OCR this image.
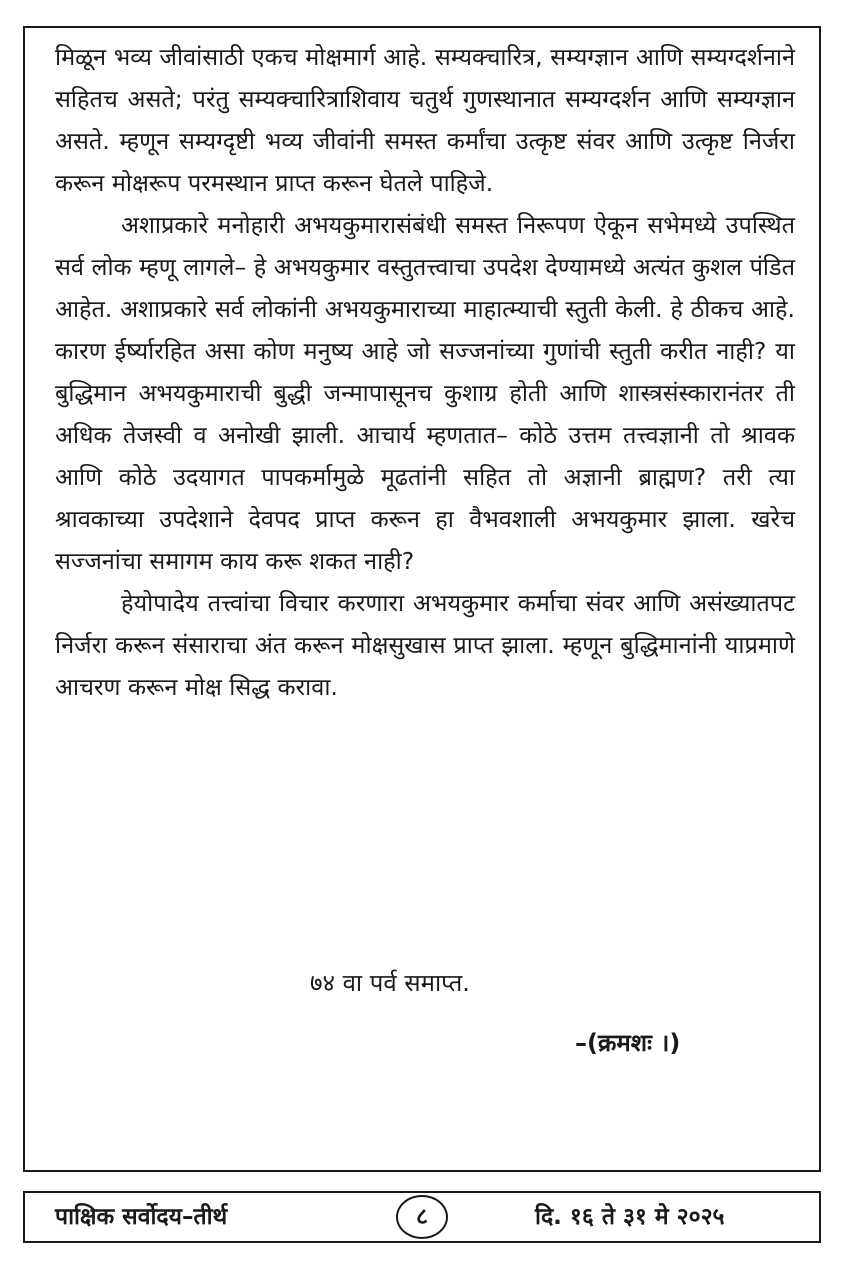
मिळून भव्य जीवांसाठी एकच मोक्षमार्ग आहे. सम्यक्चारित्र, सम्यग्ज्ञान आणि सम्यग्दर्शनाने सहितच असते; परंतु सम्यक्चारित्राशिवाय चतुर्थ गुणस्थानात सम्यग्दर्शन आणि सम्यग्ज्ञान असते. म्हणून सम्यग्दृष्टी भव्य जीवांनी समस्त कर्मांचा उत्कृष्ट संवर आणि उत्कृष्ट निर्जरा करून मोक्षरूप परमस्थान प्राप्त करून घेतले पाहिजे.

अशाप्रकारे मनोहारी अभयकुमारासंबंधी समस्त निरूपण ऐकून सभेमध्ये उपस्थित सर्व लोक म्हणू लागले– हे अभयकुमार वस्तुतत्त्वाचा उपदेश देण्यामध्ये अत्यंत कुशल पंडित आहेत. अशाप्रकारे सर्व लोकांनी अभयकुमाराच्या माहात्म्याची स्तुती केली. हे ठीकच आहे. कारण ईर्ष्यारहित असा कोण मनुष्य आहे जो सज्जनांच्या गुणांची स्तुती करीत नाही? या बुद्धिमान अभयकुमाराची बुद्धी जन्मापासूनच कुशाग्र होती आणि शास्त्रसंस्कारानंतर ती अधिक तेजस्वी व अनोखी झाली. आचार्य म्हणतात– कोठे उत्तम तत्त्वज्ञानी तो श्रावक आणि कोठे उदयागत पापकर्मामुळे मूढतांनी सहित तो अज्ञानी ब्राह्मण? तरी त्या श्रावकाच्या उपदेशाने देवपद प्राप्त करून हा वैभवशाली अभयकुमार झाला. खरेच सज्जनांचा समागम काय करू शकत नाही?

हेयोपादेय तत्त्वांचा विचार करणारा अभयकुमार कर्माचा संवर आणि असंख्यातपट निर्जरा करून संसाराचा अंत करून मोक्षसुखास प्राप्त झाला. म्हणून बुद्धिमानांनी याप्रमाणे आचरण करून मोक्ष सिद्ध करावा.

७४ वा पर्व समाप्त.
–(क्रमशः ।)
पाक्षिक सर्वोदय–तीर्थ	८	दि. १६ ते ३१ मे २०२५
